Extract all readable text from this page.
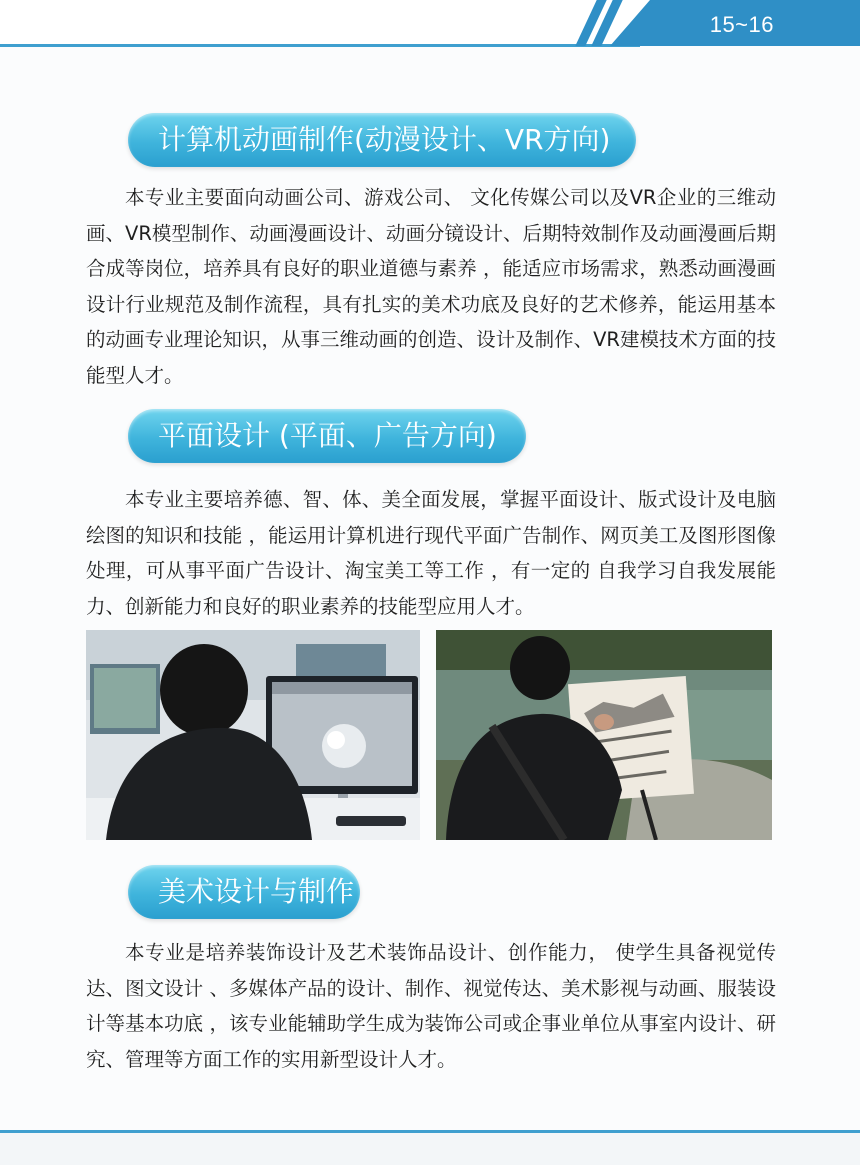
15~16
计算机动画制作(动漫设计、VR方向)

本专业主要面向动画公司、游戏公司、 文化传媒公司以及VR企业的三维动画、VR模型制作、动画漫画设计、动画分镜设计、后期特效制作及动画漫画后期合成等岗位，培养具有良好的职业道德与素养 ，能适应市场需求，熟悉动画漫画设计行业规范及制作流程，具有扎实的美术功底及良好的艺术修养，能运用基本的动画专业理论知识，从事三维动画的创造、设计及制作、VR建模技术方面的技能型人才。

平面设计 (平面、广告方向)

本专业主要培养德、智、体、美全面发展，掌握平面设计、版式设计及电脑绘图的知识和技能 ，能运用计算机进行现代平面广告制作、网页美工及图形图像处理，可从事平面广告设计、淘宝美工等工作 ，有一定的 自我学习自我发展能力、创新能力和良好的职业素养的技能型应用人才。

美术设计与制作

本专业是培养装饰设计及艺术装饰品设计、创作能力， 使学生具备视觉传达、图文设计 、多媒体产品的设计、制作、视觉传达、美术影视与动画、服装设计等基本功底 ，该专业能辅助学生成为装饰公司或企事业单位从事室内设计、研究、管理等方面工作的实用新型设计人才。
